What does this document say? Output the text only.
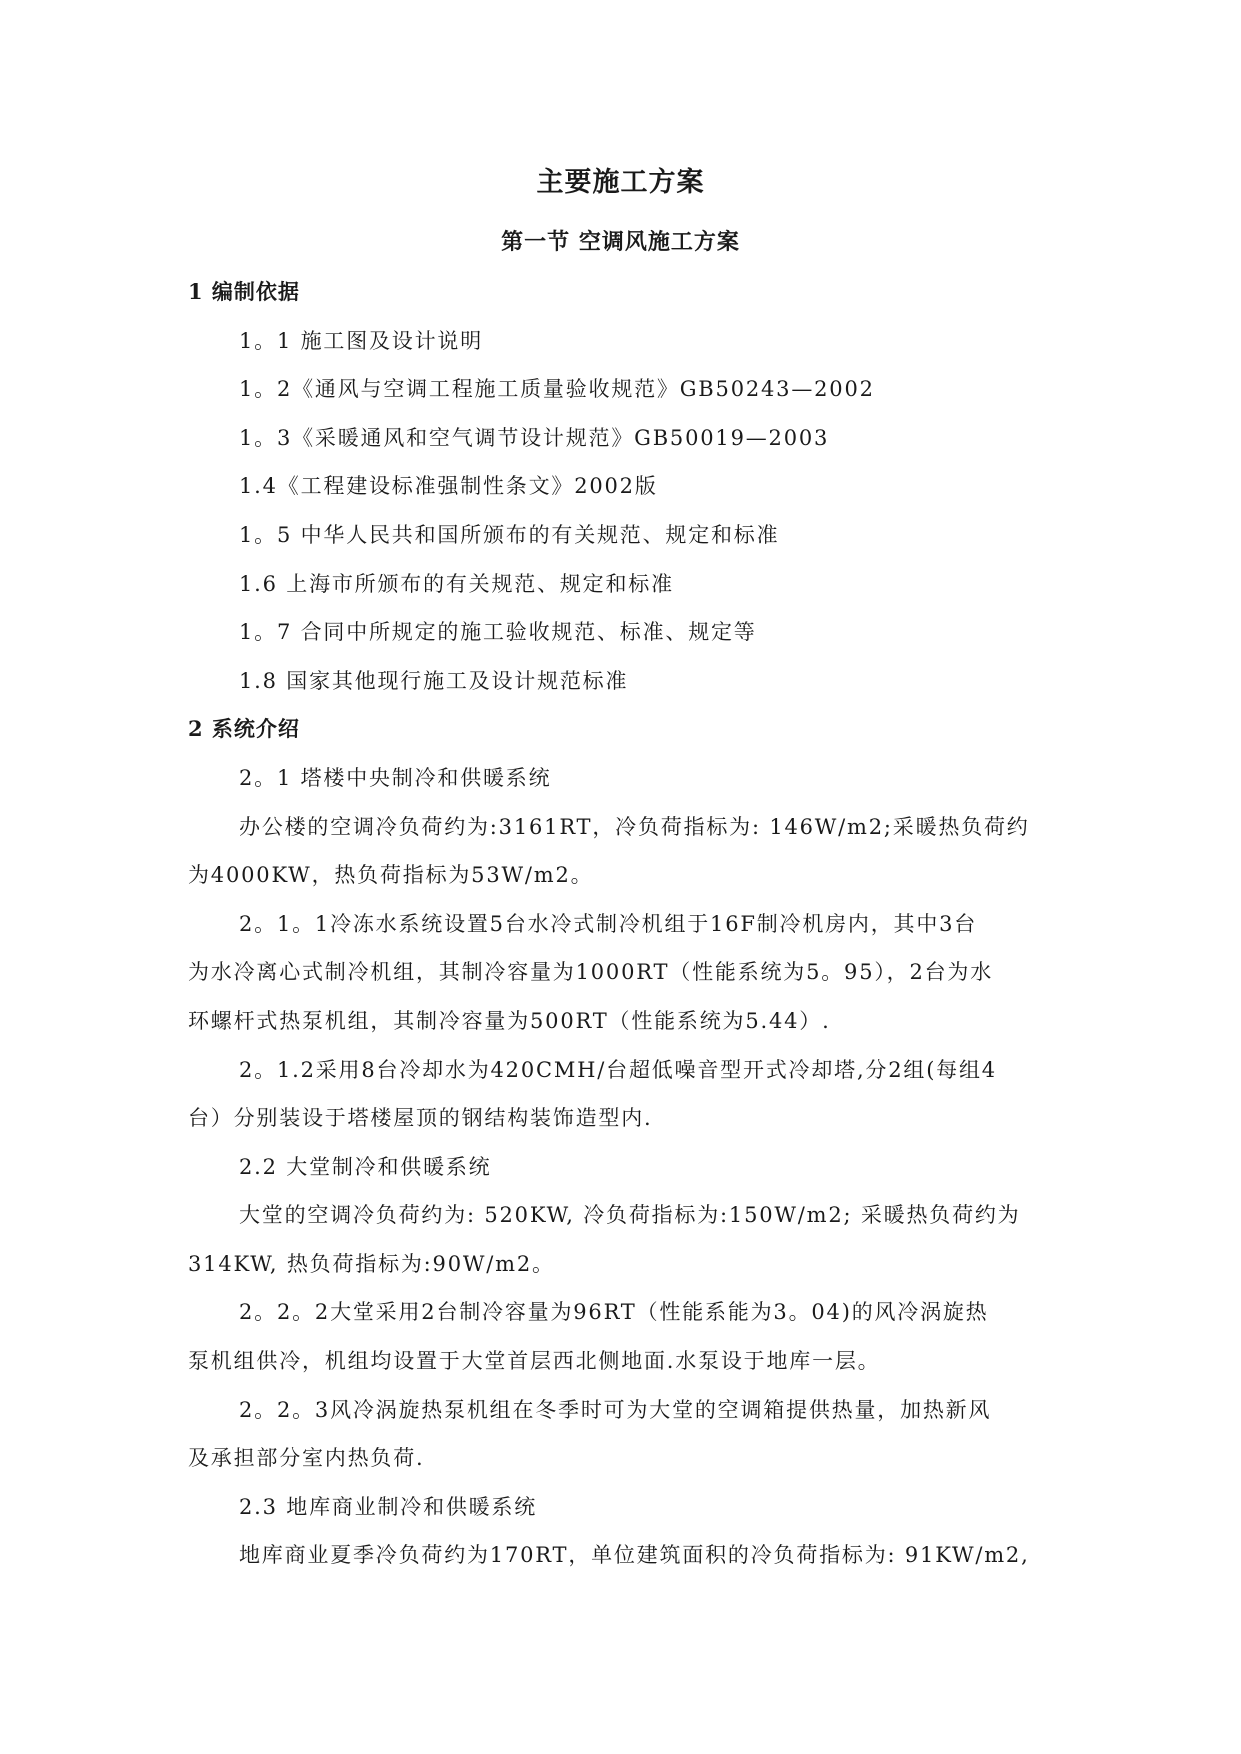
主要施工方案
第一节 空调风施工方案
1 编制依据
1。1 施工图及设计说明
1。2《通风与空调工程施工质量验收规范》GB50243—2002
1。3《采暖通风和空气调节设计规范》GB50019—2003
1.4《工程建设标准强制性条文》2002版
1。5 中华人民共和国所颁布的有关规范、规定和标准
1.6 上海市所颁布的有关规范、规定和标准
1。7 合同中所规定的施工验收规范、标准、规定等
1.8 国家其他现行施工及设计规范标准
2 系统介绍
2。1 塔楼中央制冷和供暖系统
办公楼的空调冷负荷约为:3161RT，冷负荷指标为: 146W/m2;采暖热负荷约
为4000KW，热负荷指标为53W/m2。
2。1。1冷冻水系统设置5台水冷式制冷机组于16F制冷机房内，其中3台
为水冷离心式制冷机组，其制冷容量为1000RT（性能系统为5。95），2台为水
环螺杆式热泵机组，其制冷容量为500RT（性能系统为5.44）.
2。1.2采用8台冷却水为420CMH/台超低噪音型开式冷却塔,分2组(每组4
台）分别装设于塔楼屋顶的钢结构装饰造型内.
2.2 大堂制冷和供暖系统
大堂的空调冷负荷约为: 520KW, 冷负荷指标为:150W/m2; 采暖热负荷约为
314KW, 热负荷指标为:90W/m2。
2。2。2大堂采用2台制冷容量为96RT（性能系能为3。04)的风冷涡旋热
泵机组供冷，机组均设置于大堂首层西北侧地面.水泵设于地库一层。
2。2。3风冷涡旋热泵机组在冬季时可为大堂的空调箱提供热量，加热新风
及承担部分室内热负荷.
2.3 地库商业制冷和供暖系统
地库商业夏季冷负荷约为170RT，单位建筑面积的冷负荷指标为: 91KW/m2,
